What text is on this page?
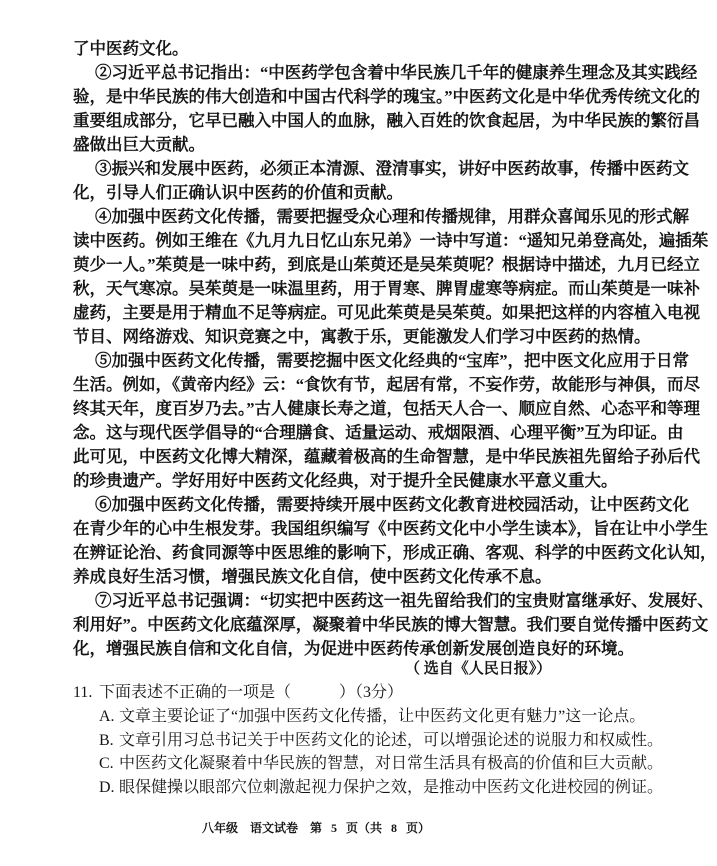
了中医药文化。
②习近平总书记指出：“中医药学包含着中华民族几千年的健康养生理念及其实践经
验，是中华民族的伟大创造和中国古代科学的瑰宝。”中医药文化是中华优秀传统文化的
重要组成部分，它早已融入中国人的血脉，融入百姓的饮食起居，为中华民族的繁衍昌
盛做出巨大贡献。
③振兴和发展中医药，必须正本清源、澄清事实，讲好中医药故事，传播中医药文
化，引导人们正确认识中医药的价值和贡献。
④加强中医药文化传播，需要把握受众心理和传播规律，用群众喜闻乐见的形式解
读中医药。例如王维在《九月九日忆山东兄弟》一诗中写道：“遥知兄弟登高处，遍插茱
萸少一人。”茱萸是一味中药，到底是山茱萸还是吴茱萸呢？根据诗中描述，九月已经立
秋，天气寒凉。吴茱萸是一味温里药，用于胃寒、脾胃虚寒等病症。而山茱萸是一味补
虚药，主要是用于精血不足等病症。可见此茱萸是吴茱萸。如果把这样的内容植入电视
节目、网络游戏、知识竞赛之中，寓教于乐，更能激发人们学习中医药的热情。
⑤加强中医药文化传播，需要挖掘中医文化经典的“宝库”，把中医文化应用于日常
生活。例如，《黄帝内经》云：“食饮有节，起居有常，不妄作劳，故能形与神俱，而尽
终其天年，度百岁乃去。”古人健康长寿之道，包括天人合一、顺应自然、心态平和等理
念。这与现代医学倡导的“合理膳食、适量运动、戒烟限酒、心理平衡”互为印证。由
此可见，中医药文化博大精深，蕴藏着极高的生命智慧，是中华民族祖先留给子孙后代
的珍贵遗产。学好用好中医药文化经典，对于提升全民健康水平意义重大。
⑥加强中医药文化传播，需要持续开展中医药文化教育进校园活动，让中医药文化
在青少年的心中生根发芽。我国组织编写《中医药文化中小学生读本》，旨在让中小学生
在辨证论治、药食同源等中医思维的影响下，形成正确、客观、科学的中医药文化认知，
养成良好生活习惯，增强民族文化自信，使中医药文化传承不息。
⑦习近平总书记强调：“切实把中医药这一祖先留给我们的宝贵财富继承好、发展好、
利用好”。中医药文化底蕴深厚，凝聚着中华民族的博大智慧。我们要自觉传播中医药文
化，增强民族自信和文化自信，为促进中医药传承创新发展创造良好的环境。
（ 选自《人民日报》）
11. 下面表述不正确的一项是（　　　）（3分）
A. 文章主要论证了“加强中医药文化传播，让中医药文化更有魅力”这一论点。
B. 文章引用习总书记关于中医药文化的论述，可以增强论述的说服力和权威性。
C. 中医药文化凝聚着中华民族的智慧，对日常生活具有极高的价值和巨大贡献。
D. 眼保健操以眼部穴位刺激起视力保护之效，是推动中医药文化进校园的例证。
八年级　语文试卷　第 5 页（共 8 页）
